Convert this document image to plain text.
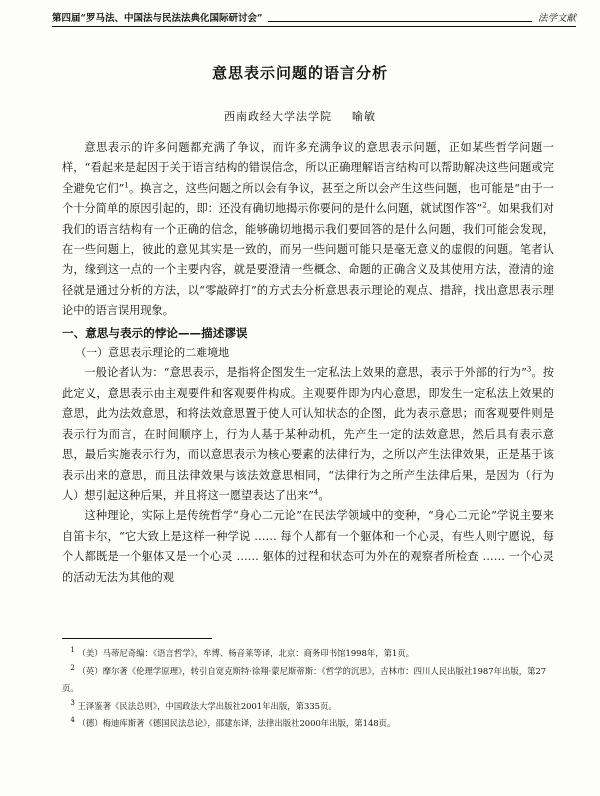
第四届“罗马法、中国法与民法法典化国际研讨会”	法学文献
意思表示问题的语言分析
西南政经大学法学院 喻敏

意思表示的许多问题都充满了争议，而许多充满争议的意思表示问题，正如某些哲学问题一样，“看起来是起因于关于语言结构的错误信念，所以正确理解语言结构可以帮助解决这些问题或完全避免它们”$^1$。换言之，这些问题之所以会有争议，甚至之所以会产生这些问题，也可能是“由于一个十分简单的原因引起的，即：还没有确切地揭示你要问的是什么问题，就试图作答”$^2$。如果我们对我们的语言结构有一个正确的信念，能够确切地揭示我们要回答的是什么问题，我们可能会发现，在一些问题上，彼此的意见其实是一致的，而另一些问题可能只是毫无意义的虚假的问题。笔者认为，缘到这一点的一个主要内容，就是要澄清一些概念、命题的正确含义及其使用方法，澄清的途径就是通过分析的方法，以“零敲碎打”的方式去分析意思表示理论的观点、措辞，找出意思表示理论中的语言误用现象。

一、意思与表示的悖论——描述谬误
（一）意思表示理论的二难境地

一般论者认为：“意思表示，是指将企图发生一定私法上效果的意思，表示于外部的行为”$^3$。按此定义，意思表示由主观要件和客观要件构成。主观要件即为内心意思，即发生一定私法上效果的意思，此为法效意思，和将法效意思置于使人可认知状态的企图，此为表示意思；而客观要件则是表示行为而言，在时间顺序上，行为人基于某种动机，先产生一定的法效意思，然后具有表示意思，最后实施表示行为，而以意思表示为核心要素的法律行为，之所以产生法律效果，正是基于该表示出来的意思，而且法律效果与该法效意思相同，“法律行为之所产生法律后果，是因为（行为人）想引起这种后果，并且将这一愿望表达了出来”$^4$。

这种理论，实际上是传统哲学“身心二元论”在民法学领域中的变种，“身心二元论”学说主要来自笛卡尔，“它大致上是这样一种学说 …… 每个人都有一个躯体和一个心灵，有些人则宁愿说，每个人都既是一个躯体又是一个心灵 …… 躯体的过程和状态可为外在的观察者所检查 …… 一个心灵的活动无法为其他的观

$^1$ （美）马蒂尼奇编：《语言哲学》，牟博、杨音莱等译，北京：商务印书馆1998年，第1页。

$^2$ （英）摩尔著《伦理学原理》，转引自宽克斯特·徐翔·蒙尼斯蒂斯：《哲学的沉思》，吉林市：四川人民出版社1987年出版，第27页。

$^3$ 王泽鉴著《民法总则》，中国政法大学出版社2001年出版，第335页。

$^4$ （德）梅迪库斯著《德国民法总论》，邵建东译，法律出版社2000年出版，第148页。
